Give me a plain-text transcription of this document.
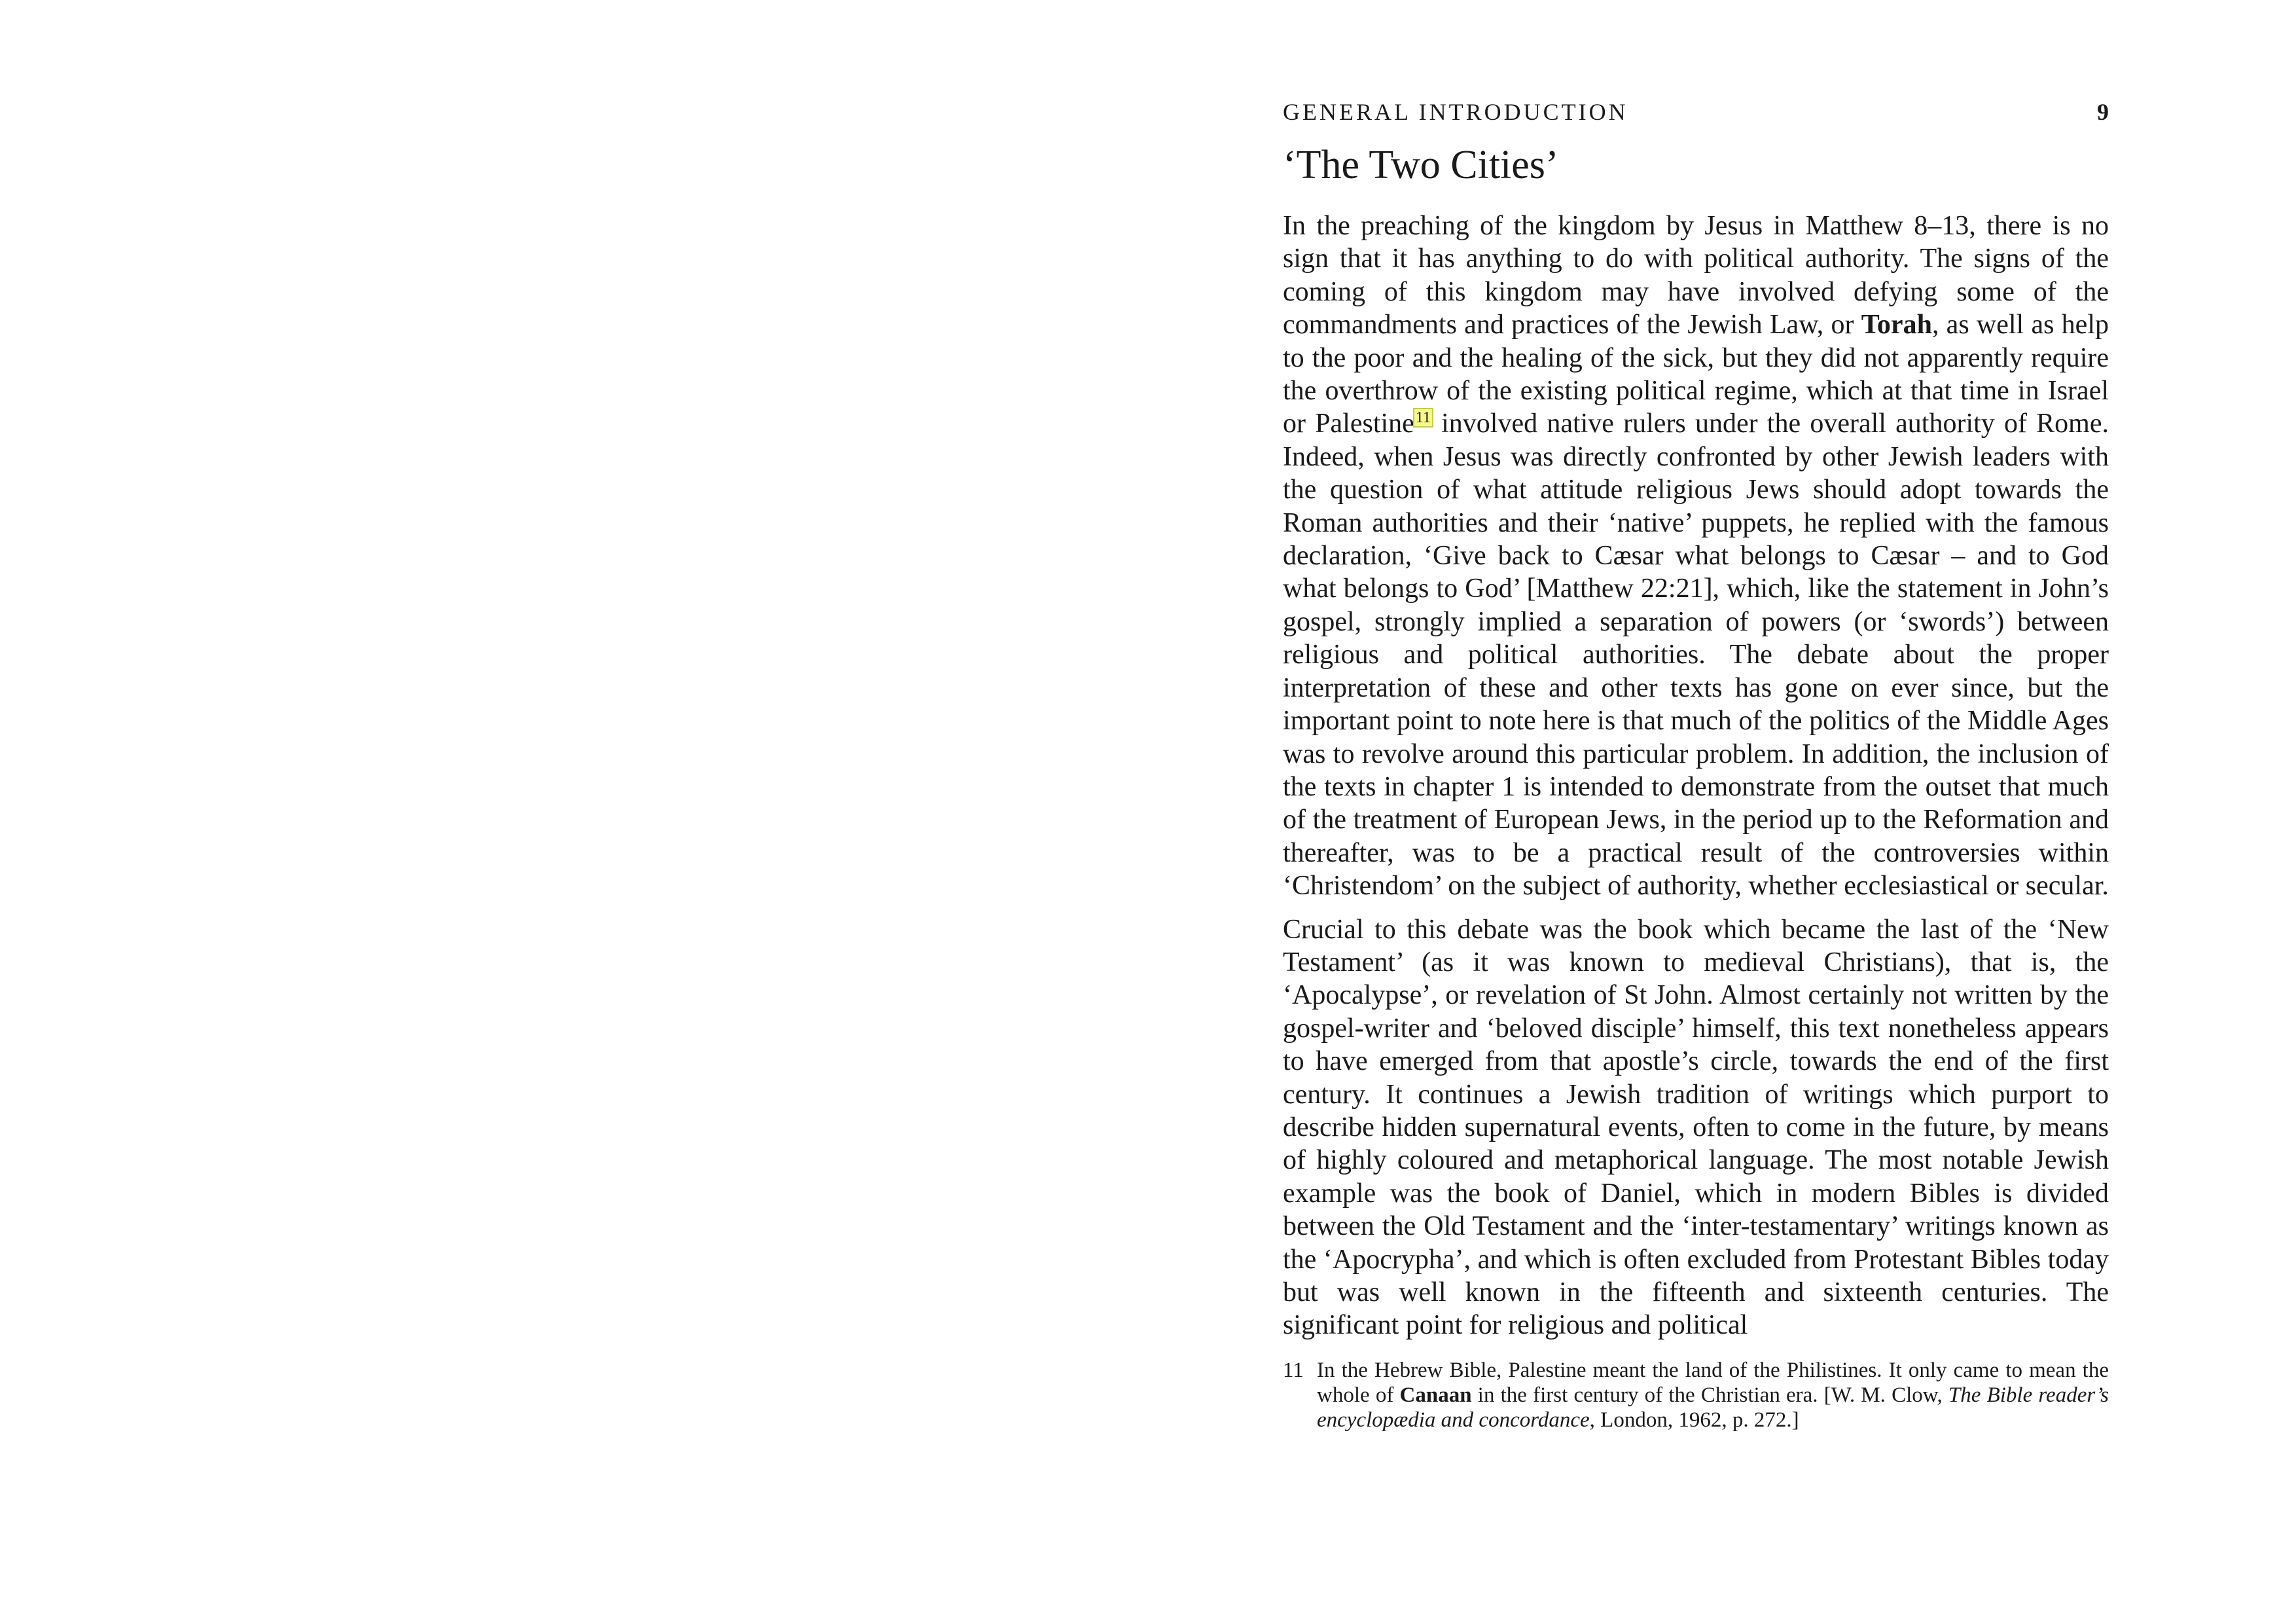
GENERAL INTRODUCTION	9
‘The Two Cities’

In the preaching of the kingdom by Jesus in Matthew 8–13, there is no sign that it has anything to do with political authority. The signs of the coming of this kingdom may have involved defying some of the commandments and practices of the Jewish Law, or Torah, as well as help to the poor and the healing of the sick, but they did not apparently require the overthrow of the existing political regime, which at that time in Israel or Palestine$^{11}$ involved native rulers under the overall authority of Rome. Indeed, when Jesus was directly confronted by other Jewish leaders with the question of what attitude religious Jews should adopt towards the Roman authorities and their ‘native’ puppets, he replied with the famous declaration, ‘Give back to Cæsar what belongs to Cæsar – and to God what belongs to God’ [Matthew 22:21], which, like the statement in John’s gospel, strongly implied a separation of powers (or ‘swords’) between religious and political authorities. The debate about the proper interpretation of these and other texts has gone on ever since, but the important point to note here is that much of the politics of the Middle Ages was to revolve around this particular problem. In addition, the inclusion of the texts in chapter 1 is intended to demonstrate from the outset that much of the treatment of European Jews, in the period up to the Reformation and thereafter, was to be a practical result of the controversies within ‘Christendom’ on the subject of authority, whether ecclesiastical or secular.

Crucial to this debate was the book which became the last of the ‘New Testament’ (as it was known to medieval Christians), that is, the ‘Apocalypse’, or revelation of St John. Almost certainly not written by the gospel-writer and ‘beloved disciple’ himself, this text nonetheless appears to have emerged from that apostle’s circle, towards the end of the first century. It continues a Jewish tradition of writings which purport to describe hidden supernatural events, often to come in the future, by means of highly coloured and metaphorical language. The most notable Jewish example was the book of Daniel, which in modern Bibles is divided between the Old Testament and the ‘inter-testamentary’ writings known as the ‘Apocrypha’, and which is often excluded from Protestant Bibles today but was well known in the fifteenth and sixteenth centuries. The significant point for religious and political

11 In the Hebrew Bible, Palestine meant the land of the Philistines. It only came to mean the whole of Canaan in the first century of the Christian era. [W. M. Clow, The Bible reader’s encyclopædia and concordance, London, 1962, p. 272.]
